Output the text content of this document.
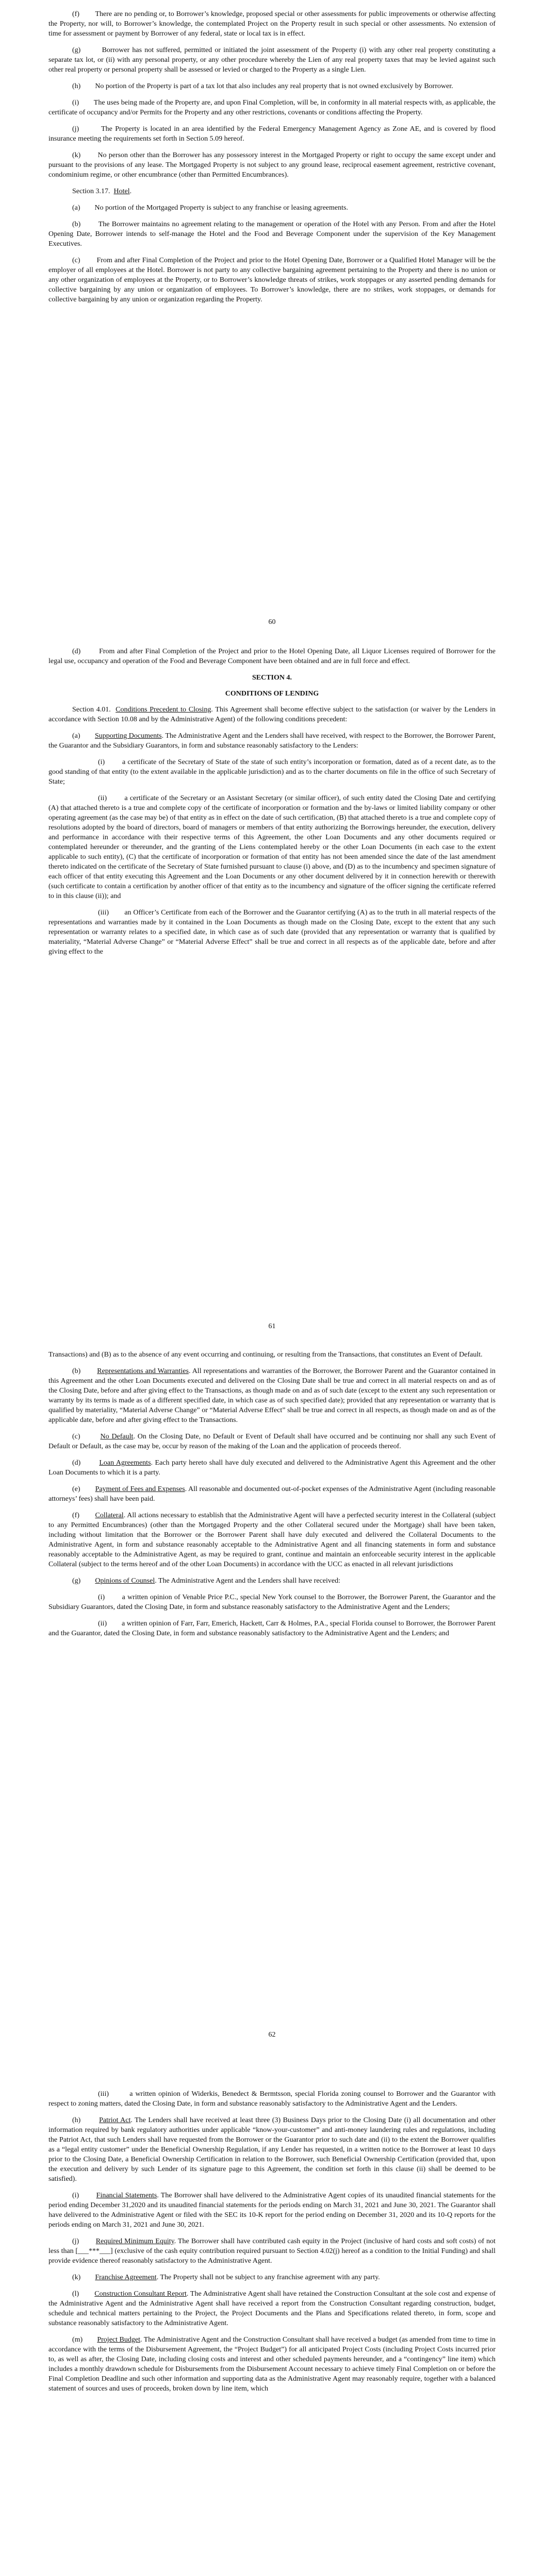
(f)        There are no pending or, to Borrower’s knowledge, proposed special or other assessments for public improvements or otherwise affecting the Property, nor will, to Borrower’s knowledge, the contemplated Project on the Property result in such special or other assessments. No extension of time for assessment or payment by Borrower of any federal, state or local tax is in effect.

(g)        Borrower has not suffered, permitted or initiated the joint assessment of the Property (i) with any other real property constituting a separate tax lot, or (ii) with any personal property, or any other procedure whereby the Lien of any real property taxes that may be levied against such other real property or personal property shall be assessed or levied or charged to the Property as a single Lien.

(h)        No portion of the Property is part of a tax lot that also includes any real property that is not owned exclusively by Borrower.

(i)        The uses being made of the Property are, and upon Final Completion, will be, in conformity in all material respects with, as applicable, the certificate of occupancy and/or Permits for the Property and any other restrictions, covenants or conditions affecting the Property.

(j)        The Property is located in an area identified by the Federal Emergency Management Agency as Zone AE, and is covered by flood insurance meeting the requirements set forth in Section 5.09 hereof.

(k)        No person other than the Borrower has any possessory interest in the Mortgaged Property or right to occupy the same except under and pursuant to the provisions of any lease. The Mortgaged Property is not subject to any ground lease, reciprocal easement agreement, restrictive covenant, condominium regime, or other encumbrance (other than Permitted Encumbrances).

Section 3.17. Hotel.

(a)        No portion of the Mortgaged Property is subject to any franchise or leasing agreements.

(b)        The Borrower maintains no agreement relating to the management or operation of the Hotel with any Person. From and after the Hotel Opening Date, Borrower intends to self-manage the Hotel and the Food and Beverage Component under the supervision of the Key Management Executives.

(c)        From and after Final Completion of the Project and prior to the Hotel Opening Date, Borrower or a Qualified Hotel Manager will be the employer of all employees at the Hotel. Borrower is not party to any collective bargaining agreement pertaining to the Property and there is no union or any other organization of employees at the Property, or to Borrower’s knowledge threats of strikes, work stoppages or any asserted pending demands for collective bargaining by any union or organization of employees. To Borrower’s knowledge, there are no strikes, work stoppages, or demands for collective bargaining by any union or organization regarding the Property.

60

(d)        From and after Final Completion of the Project and prior to the Hotel Opening Date, all Liquor Licenses required of Borrower for the legal use, occupancy and operation of the Food and Beverage Component have been obtained and are in full force and effect.

SECTION 4.
CONDITIONS OF LENDING

Section 4.01. Conditions Precedent to Closing. This Agreement shall become effective subject to the satisfaction (or waiver by the Lenders in accordance with Section 10.08 and by the Administrative Agent) of the following conditions precedent:

(a) Supporting Documents. The Administrative Agent and the Lenders shall have received, with respect to the Borrower, the Borrower Parent, the Guarantor and the Subsidiary Guarantors, in form and substance reasonably satisfactory to the Lenders:

(i)        a certificate of the Secretary of State of the state of such entity’s incorporation or formation, dated as of a recent date, as to the good standing of that entity (to the extent available in the applicable jurisdiction) and as to the charter documents on file in the office of such Secretary of State;

(ii)        a certificate of the Secretary or an Assistant Secretary (or similar officer), of such entity dated the Closing Date and certifying (A) that attached thereto is a true and complete copy of the certificate of incorporation or formation and the by-laws or limited liability company or other operating agreement (as the case may be) of that entity as in effect on the date of such certification, (B) that attached thereto is a true and complete copy of resolutions adopted by the board of directors, board of managers or members of that entity authorizing the Borrowings hereunder, the execution, delivery and performance in accordance with their respective terms of this Agreement, the other Loan Documents and any other documents required or contemplated hereunder or thereunder, and the granting of the Liens contemplated hereby or the other Loan Documents (in each case to the extent applicable to such entity), (C) that the certificate of incorporation or formation of that entity has not been amended since the date of the last amendment thereto indicated on the certificate of the Secretary of State furnished pursuant to clause (i) above, and (D) as to the incumbency and specimen signature of each officer of that entity executing this Agreement and the Loan Documents or any other document delivered by it in connection herewith or therewith (such certificate to contain a certification by another officer of that entity as to the incumbency and signature of the officer signing the certificate referred to in this clause (ii)); and

(iii)        an Officer’s Certificate from each of the Borrower and the Guarantor certifying (A) as to the truth in all material respects of the representations and warranties made by it contained in the Loan Documents as though made on the Closing Date, except to the extent that any such representation or warranty relates to a specified date, in which case as of such date (provided that any representation or warranty that is qualified by materiality, “Material Adverse Change” or “Material Adverse Effect” shall be true and correct in all respects as of the applicable date, before and after giving effect to the

61

Transactions) and (B) as to the absence of any event occurring and continuing, or resulting from the Transactions, that constitutes an Event of Default.

(b) Representations and Warranties. All representations and warranties of the Borrower, the Borrower Parent and the Guarantor contained in this Agreement and the other Loan Documents executed and delivered on the Closing Date shall be true and correct in all material respects on and as of the Closing Date, before and after giving effect to the Transactions, as though made on and as of such date (except to the extent any such representation or warranty by its terms is made as of a different specified date, in which case as of such specified date); provided that any representation or warranty that is qualified by materiality, “Material Adverse Change” or “Material Adverse Effect” shall be true and correct in all respects, as though made on and as of the applicable date, before and after giving effect to the Transactions.

(c)	No Default. On the Closing Date, no Default or Event of Default shall have occurred and be continuing nor shall any such Event of Default or Default, as the case may be, occur by reason of the making of the Loan and the application of proceeds thereof.

(d)	Loan Agreements. Each party hereto shall have duly executed and delivered to the Administrative Agent this Agreement and the other Loan Documents to which it is a party.

(e) Payment of Fees and Expenses. All reasonable and documented out-of-pocket expenses of the Administrative Agent (including reasonable attorneys’ fees) shall have been paid.

(f) Collateral. All actions necessary to establish that the Administrative Agent will have a perfected security interest in the Collateral (subject to any Permitted Encumbrances) (other than the Mortgaged Property and the other Collateral secured under the Mortgage) shall have been taken, including without limitation that the Borrower or the Borrower Parent shall have duly executed and delivered the Collateral Documents to the Administrative Agent, in form and substance reasonably acceptable to the Administrative Agent and all financing statements in form and substance reasonably acceptable to the Administrative Agent, as may be required to grant, continue and maintain an enforceable security interest in the applicable Collateral (subject to the terms hereof and of the other Loan Documents) in accordance with the UCC as enacted in all relevant jurisdictions

(g) Opinions of Counsel. The Administrative Agent and the Lenders shall have received:

(i)        a written opinion of Venable Price P.C., special New York counsel to the Borrower, the Borrower Parent, the Guarantor and the Subsidiary Guarantors, dated the Closing Date, in form and substance reasonably satisfactory to the Administrative Agent and the Lenders;

(ii)        a written opinion of Farr, Farr, Emerich, Hackett, Carr & Holmes, P.A., special Florida counsel to Borrower, the Borrower Parent and the Guarantor, dated the Closing Date, in form and substance reasonably satisfactory to the Administrative Agent and the Lenders; and

62

(iii)        a written opinion of Widerkis, Benedect & Bermtsson, special Florida zoning counsel to Borrower and the Guarantor with respect to zoning matters, dated the Closing Date, in form and substance reasonably satisfactory to the Administrative Agent and the Lenders.

(h)	Patriot Act. The Lenders shall have received at least three (3) Business Days prior to the Closing Date (i) all documentation and other information required by bank regulatory authorities under applicable “know-your-customer” and anti-money laundering rules and regulations, including the Patriot Act, that such Lenders shall have requested from the Borrower or the Guarantor prior to such date and (ii) to the extent the Borrower qualifies as a “legal entity customer” under the Beneficial Ownership Regulation, if any Lender has requested, in a written notice to the Borrower at least 10 days prior to the Closing Date, a Beneficial Ownership Certification in relation to the Borrower, such Beneficial Ownership Certification (provided that, upon the execution and delivery by such Lender of its signature page to this Agreement, the condition set forth in this clause (ii) shall be deemed to be satisfied).

(i) Financial Statements. The Borrower shall have delivered to the Administrative Agent copies of its unaudited financial statements for the period ending December 31,2020 and its unaudited financial statements for the periods ending on March 31, 2021 and June 30, 2021. The Guarantor shall have delivered to the Administrative Agent or filed with the SEC its 10-K report for the period ending on December 31, 2020 and its 10-Q reports for the periods ending on March 31, 2021 and June 30, 2021.

(j) Required Minimum Equity. The Borrower shall have contributed cash equity in the Project (inclusive of hard costs and soft costs) of not less than [___***___] (exclusive of the cash equity contribution required pursuant to Section 4.02(j) hereof as a condition to the Initial Funding) and shall provide evidence thereof reasonably satisfactory to the Administrative Agent.

(k) Franchise Agreement. The Property shall not be subject to any franchise agreement with any party.

(l) Construction Consultant Report. The Administrative Agent shall have retained the Construction Consultant at the sole cost and expense of the Administrative Agent and the Administrative Agent shall have received a report from the Construction Consultant regarding construction, budget, schedule and technical matters pertaining to the Project, the Project Documents and the Plans and Specifications related thereto, in form, scope and substance reasonably satisfactory to the Administrative Agent.

(m) Project Budget. The Administrative Agent and the Construction Consultant shall have received a budget (as amended from time to time in accordance with the terms of the Disbursement Agreement, the “Project Budget”) for all anticipated Project Costs (including Project Costs incurred prior to, as well as after, the Closing Date, including closing costs and interest and other scheduled payments hereunder, and a “contingency” line item) which includes a monthly drawdown schedule for Disbursements from the Disbursement Account necessary to achieve timely Final Completion on or before the Final Completion Deadline and such other information and supporting data as the Administrative Agent may reasonably require, together with a balanced statement of sources and uses of proceeds, broken down by line item, which
